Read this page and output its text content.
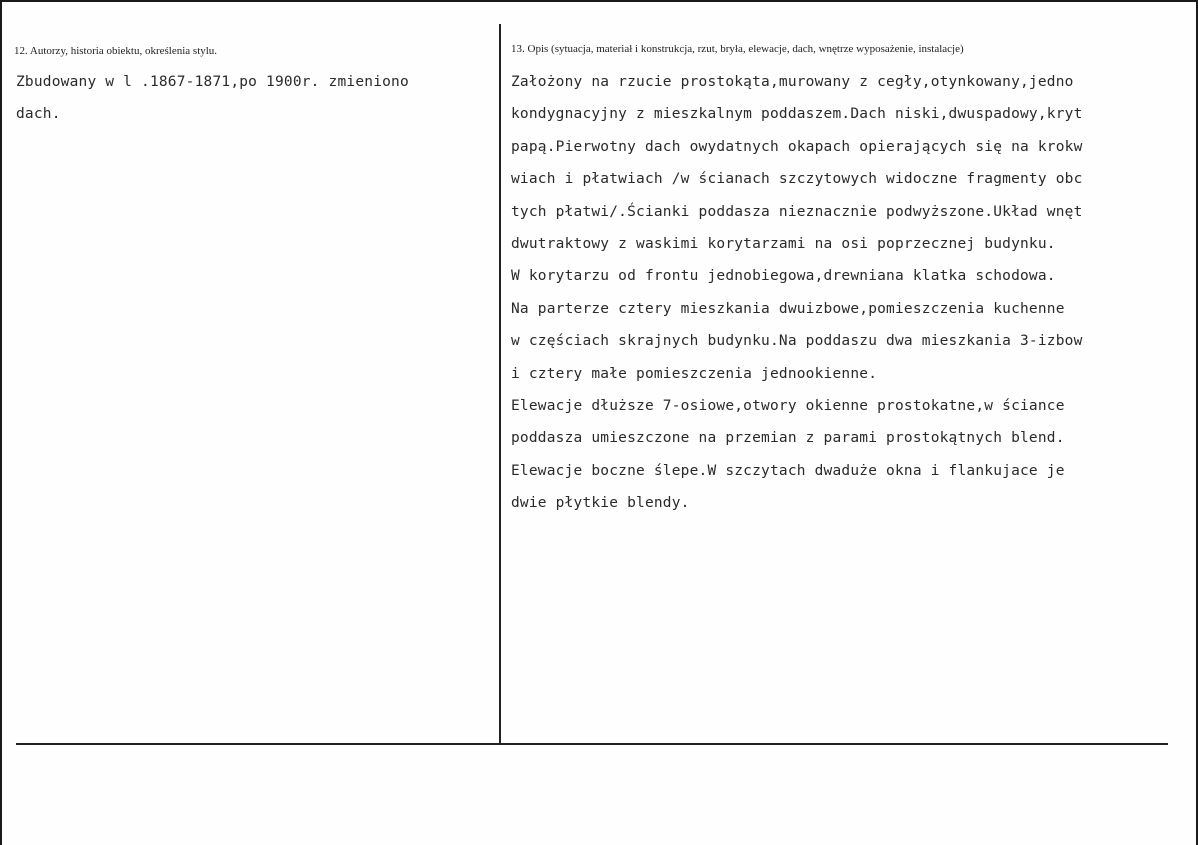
12. Autorzy, historia obiektu, określenia stylu.	13. Opis (sytuacja, materiał i konstrukcja, rzut, bryła, elewacje, dach, wnętrze wyposażenie, instalacje)
Zbudowany w l .1867-1871,po 1900r. zmieniono
dach.
Założony na rzucie prostokąta,murowany z cegły,otynkowany,jedno
kondygnacyjny z mieszkalnym poddaszem.Dach niski,dwuspadowy,kryt
papą.Pierwotny dach owydatnych okapach opierających się na krokw
wiach i płatwiach /w ścianach szczytowych widoczne fragmenty obc
tych płatwi/.Ścianki poddasza nieznacznie podwyższone.Układ wnęt
dwutraktowy z waskimi korytarzami na osi poprzecznej budynku.
W korytarzu od frontu jednobiegowa,drewniana klatka schodowa.
Na parterze cztery mieszkania dwuizbowe,pomieszczenia kuchenne
w częściach skrajnych budynku.Na poddaszu dwa mieszkania 3-izbow
i cztery małe pomieszczenia jednookienne.
Elewacje dłuższe 7-osiowe,otwory okienne prostokatne,w ściance
poddasza umieszczone na przemian z parami prostokątnych blend.
Elewacje boczne ślepe.W szczytach dwaduże okna i flankujace je
dwie płytkie blendy.
